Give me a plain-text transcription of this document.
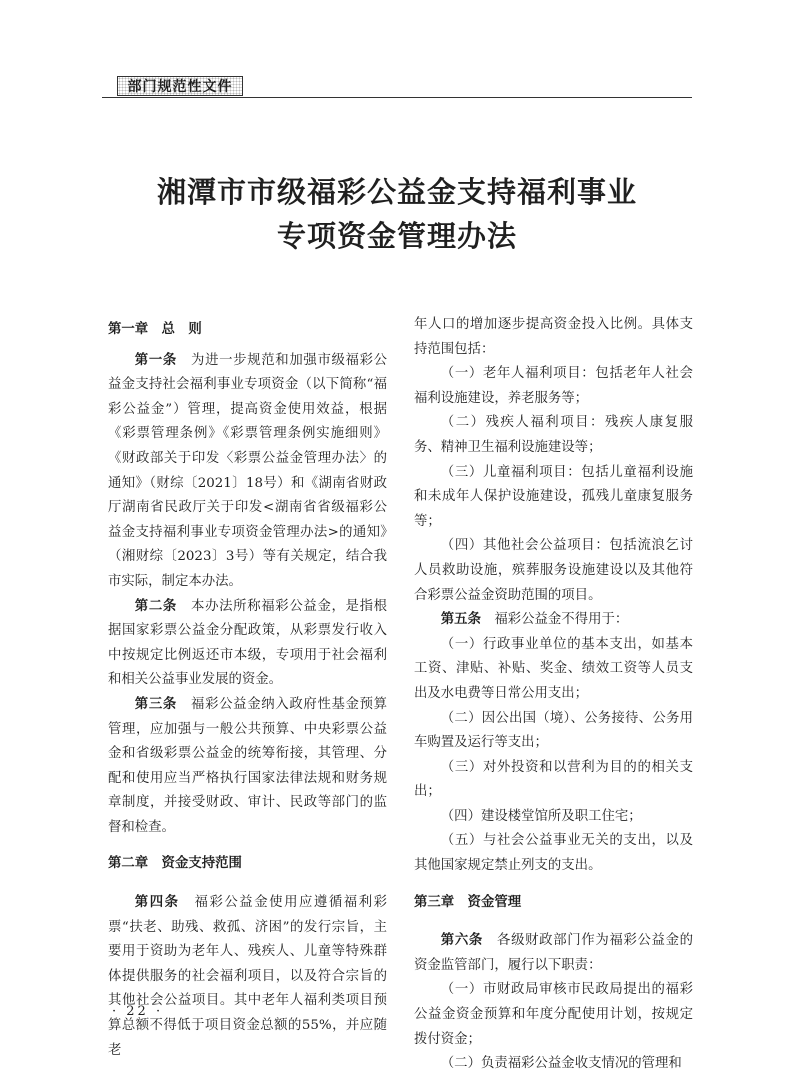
部门规范性文件
湘潭市市级福彩公益金支持福利事业
专项资金管理办法

第一章　总　则

第一条　 为进一步规范和加强市级福彩公益金支持社会福利事业专项资金（以下简称“福彩公益金”）管理，提高资金使用效益，根据《彩票管理条例》《彩票管理条例实施细则》《财政部关于印发〈彩票公益金管理办法〉的通知》（财综〔2021〕18号）和《湖南省财政厅湖南省民政厅关于印发<湖南省省级福彩公益金支持福利事业专项资金管理办法>的通知》（湘财综〔2023〕3号）等有关规定，结合我市实际，制定本办法。

第二条　 本办法所称福彩公益金，是指根据国家彩票公益金分配政策，从彩票发行收入中按规定比例返还市本级，专项用于社会福利和相关公益事业发展的资金。

第三条　 福彩公益金纳入政府性基金预算管理，应加强与一般公共预算、中央彩票公益金和省级彩票公益金的统筹衔接，其管理、分配和使用应当严格执行国家法律法规和财务规章制度，并接受财政、审计、民政等部门的监督和检查。

第二章　资金支持范围

第四条　 福彩公益金使用应遵循福利彩票“扶老、助残、救孤、济困”的发行宗旨，主要用于资助为老年人、残疾人、儿童等特殊群体提供服务的社会福利项目，以及符合宗旨的其他社会公益项目。其中老年人福利类项目预算总额不得低于项目资金总额的55%，并应随老

年人口的增加逐步提高资金投入比例。具体支持范围包括：

（一）老年人福利项目：包括老年人社会福利设施建设，养老服务等；

（二）残疾人福利项目：残疾人康复服务、精神卫生福利设施建设等；

（三）儿童福利项目：包括儿童福利设施和未成年人保护设施建设，孤残儿童康复服务等；

（四）其他社会公益项目：包括流浪乞讨人员救助设施，殡葬服务设施建设以及其他符合彩票公益金资助范围的项目。

第五条　 福彩公益金不得用于：

（一）行政事业单位的基本支出，如基本工资、津贴、补贴、奖金、绩效工资等人员支出及水电费等日常公用支出；

（二）因公出国（境）、公务接待、公务用车购置及运行等支出；

（三）对外投资和以营利为目的的相关支出；

（四）建设楼堂馆所及职工住宅；

（五）与社会公益事业无关的支出，以及其他国家规定禁止列支的支出。

第三章　资金管理

第六条　 各级财政部门作为福彩公益金的资金监管部门，履行以下职责：

（一）市财政局审核市民政局提出的福彩公益金资金预算和年度分配使用计划，按规定拨付资金；

（二）负责福彩公益金收支情况的管理和

· 22 ·
